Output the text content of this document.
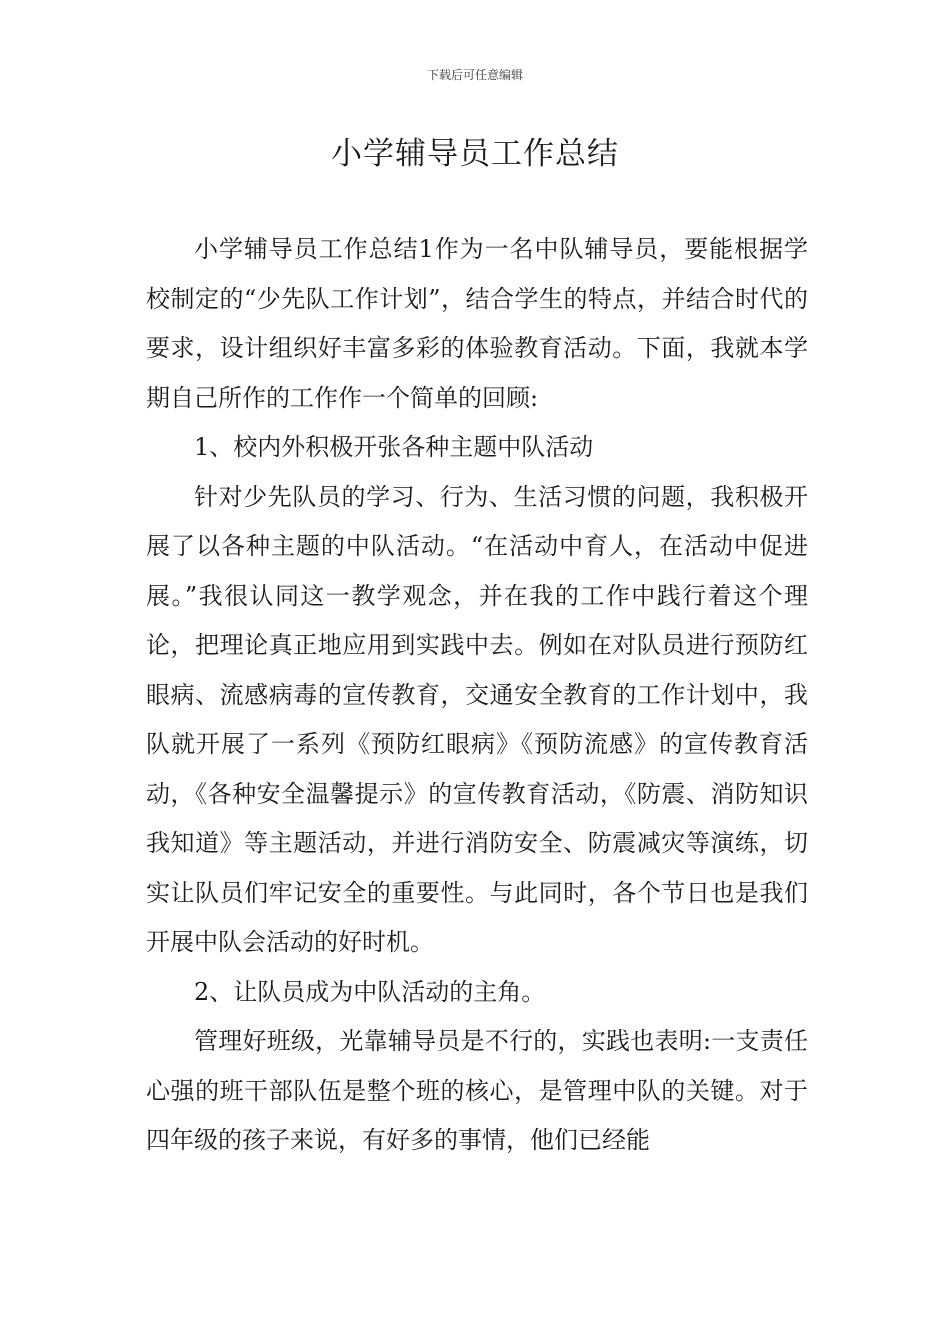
下载后可任意编辑
小学辅导员工作总结

小学辅导员工作总结1作为一名中队辅导员，要能根据学校制定的“少先队工作计划”，结合学生的特点，并结合时代的要求，设计组织好丰富多彩的体验教育活动。下面，我就本学期自己所作的工作作一个简单的回顾:

1、校内外积极开张各种主题中队活动

针对少先队员的学习、行为、生活习惯的问题，我积极开展了以各种主题的中队活动。“在活动中育人，在活动中促进展。”我很认同这一教学观念，并在我的工作中践行着这个理论，把理论真正地应用到实践中去。例如在对队员进行预防红眼病、流感病毒的宣传教育，交通安全教育的工作计划中，我队就开展了一系列《预防红眼病》《预防流感》的宣传教育活动，《各种安全温馨提示》的宣传教育活动，《防震、消防知识我知道》等主题活动，并进行消防安全、防震减灾等演练，切实让队员们牢记安全的重要性。与此同时，各个节日也是我们开展中队会活动的好时机。

2、让队员成为中队活动的主角。

管理好班级，光靠辅导员是不行的，实践也表明:一支责任心强的班干部队伍是整个班的核心，是管理中队的关键。对于四年级的孩子来说，有好多的事情，他们已经能
